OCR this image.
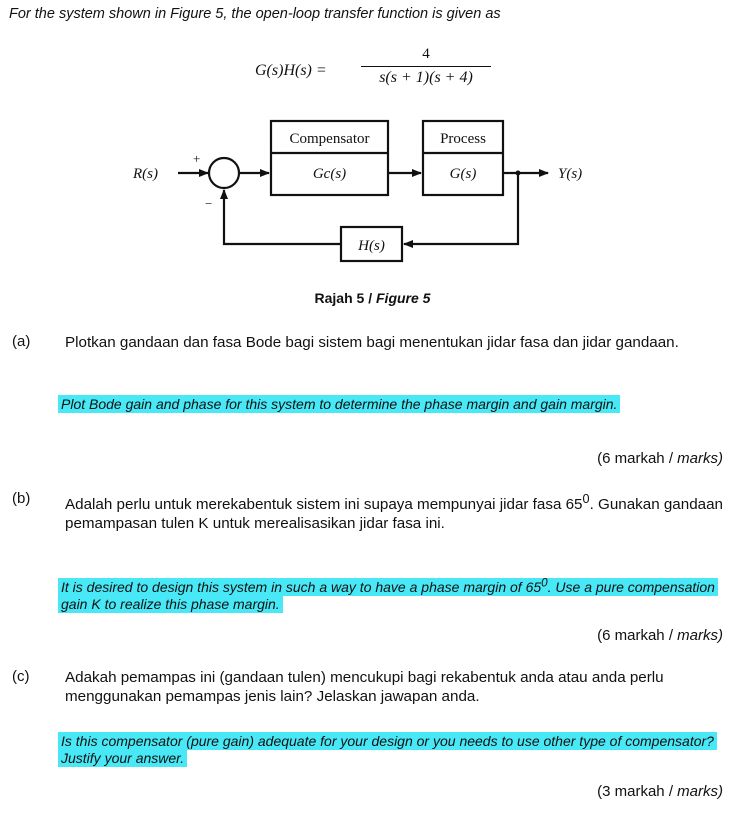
For the system shown in Figure 5, the open-loop transfer function is given as
G(s)H(s) =
4
s(s + 1)(s + 4)
R(s)	Y(s)
+
−
Compensator
Gc(s)
Process
G(s)
H(s)
Rajah 5 / Figure 5
(a) Plotkan gandaan dan fasa Bode bagi sistem bagi menentukan jidar fasa dan jidar gandaan.
Plot Bode gain and phase for this system to determine the phase margin and gain margin.
(6 markah / marks)
(b) Adalah perlu untuk merekabentuk sistem ini supaya mempunyai jidar fasa $65^0$. Gunakan gandaan pemampasan tulen K untuk merealisasikan jidar fasa ini.
It is desired to design this system in such a way to have a phase margin of $65^0$. Use a pure compensation gain K to realize this phase margin.
(6 markah / marks)
(c) Adakah pemampas ini (gandaan tulen) mencukupi bagi rekabentuk anda atau anda perlu menggunakan pemampas jenis lain? Jelaskan jawapan anda.
Is this compensator (pure gain) adequate for your design or you needs to use other type of compensator? Justify your answer.
(3 markah / marks)
